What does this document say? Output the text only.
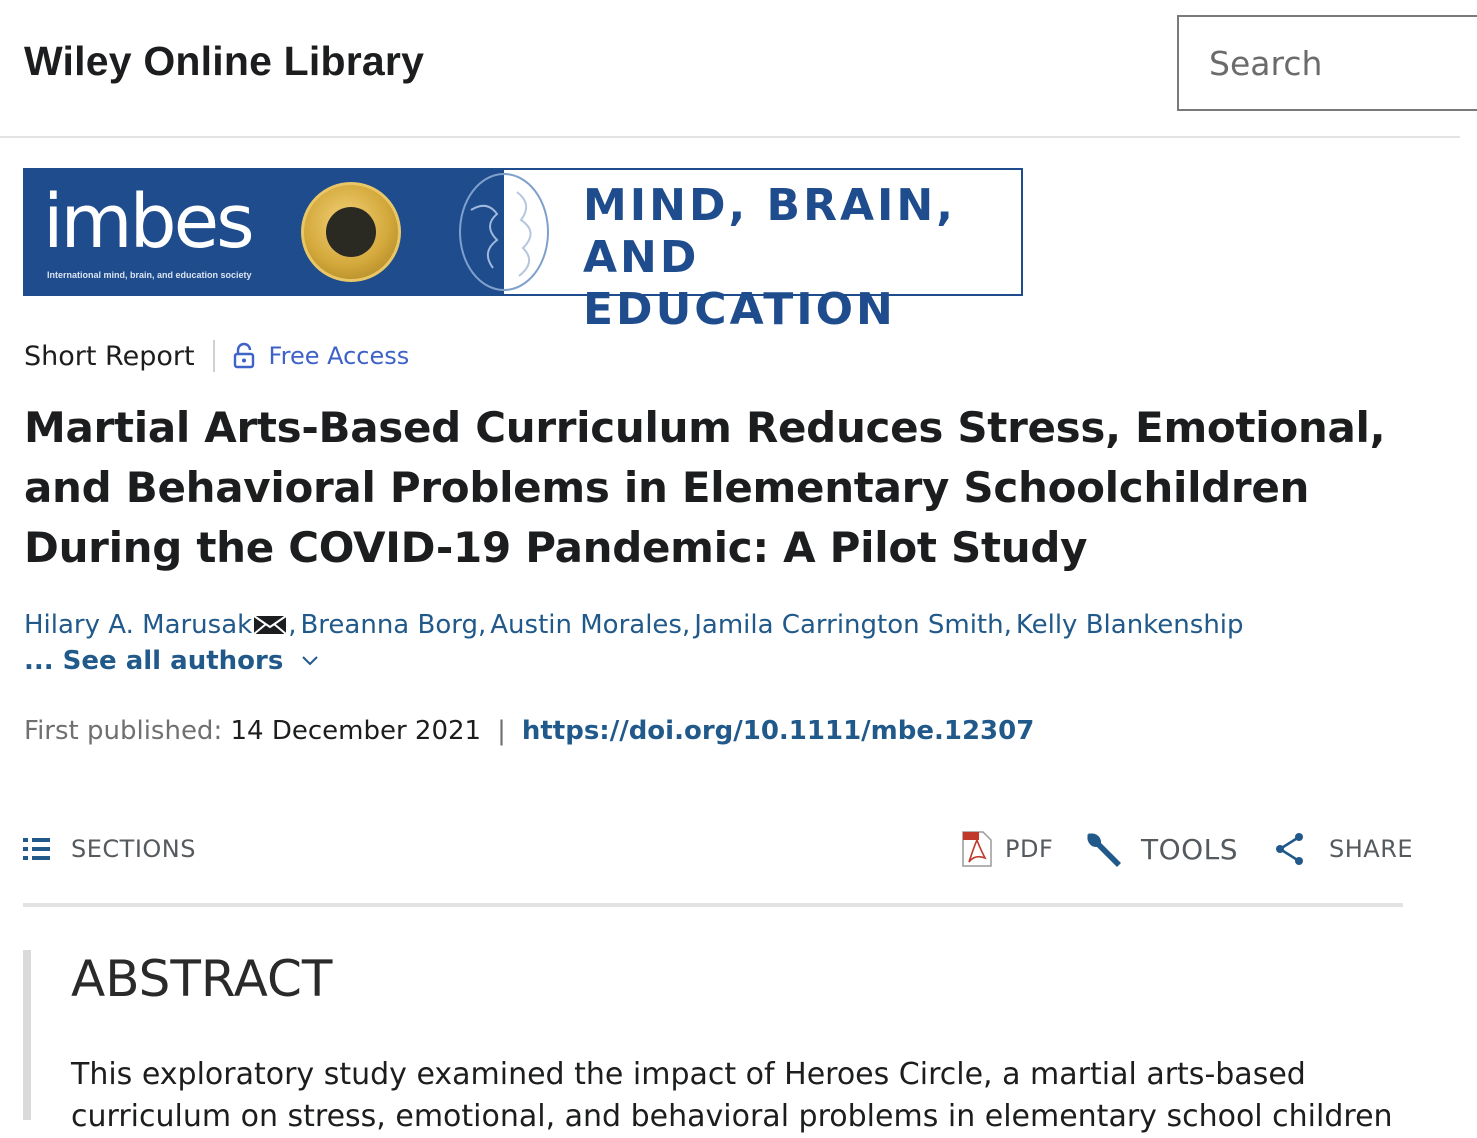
Wiley Online Library
Search
imbes
International mind, brain, and education society
MIND, BRAIN,
AND EDUCATION
Short Report	Free Access
Martial Arts-Based Curriculum Reduces Stress, Emotional, and Behavioral Problems in Elementary Schoolchildren During the COVID-19 Pandemic: A Pilot Study
Hilary A. Marusak , Breanna Borg, Austin Morales, Jamila Carrington Smith, Kelly Blankenship
... See all authors
First published:
14 December 2021 | https://doi.org/10.1111/mbe.12307
SECTIONS	PDF	TOOLS	SHARE
ABSTRACT

This exploratory study examined the impact of Heroes Circle, a martial arts-based curriculum on stress, emotional, and behavioral problems in elementary school children
